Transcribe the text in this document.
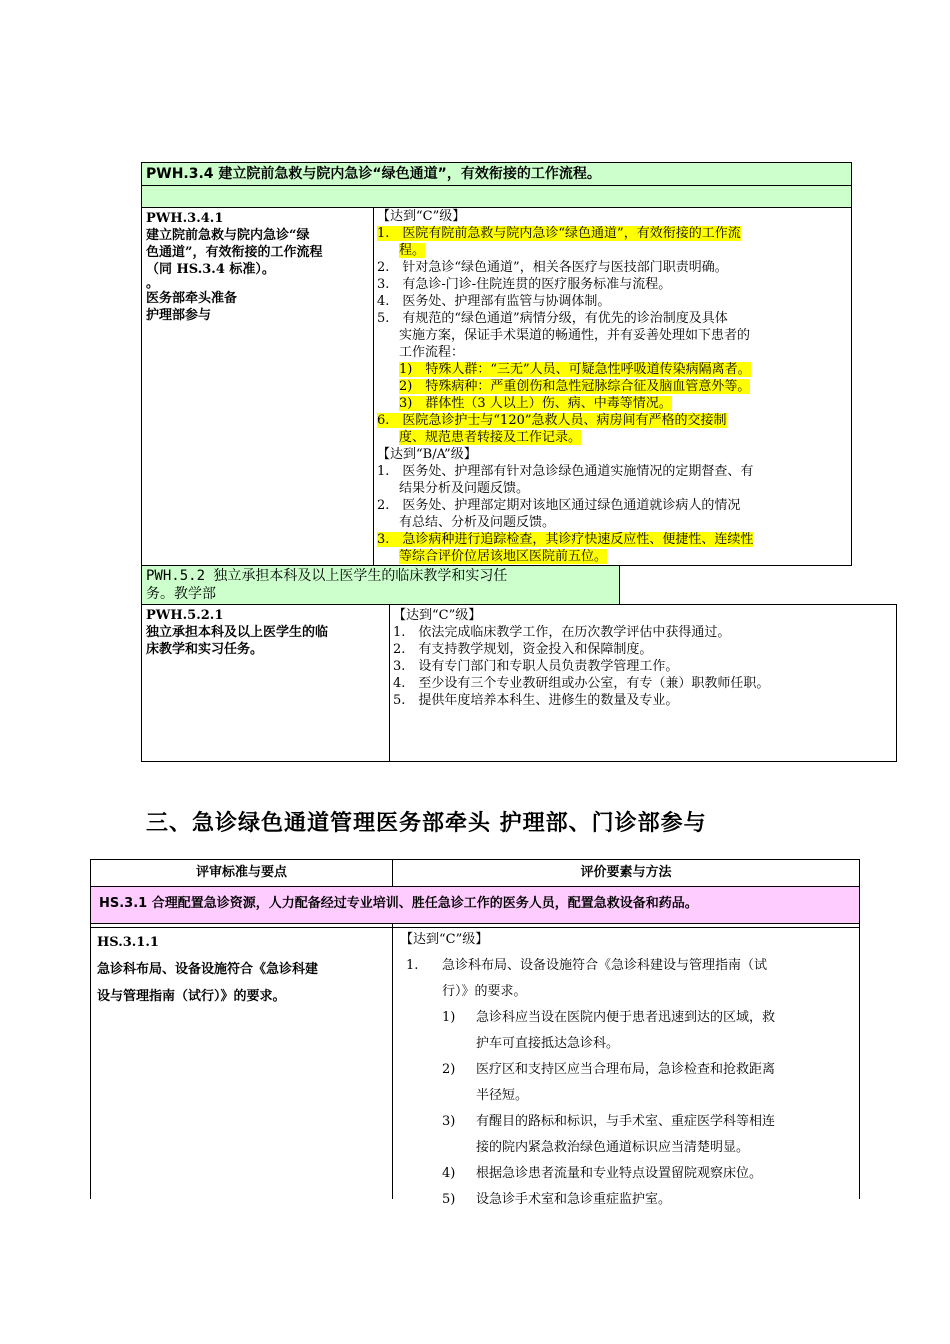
PWH.3.4 建立院前急救与院内急诊“绿色通道”，有效衔接的工作流程。
PWH.3.4.1
建立院前急救与院内急诊“绿
色通道”，有效衔接的工作流程
（同 HS.3.4 标准）。
。
医务部牵头准备
护理部参与
【达到“C”级】
1.　医院有院前急救与院内急诊“绿色通道”，有效衔接的工作流
程。
2.　针对急诊“绿色通道”，相关各医疗与医技部门职责明确。
3.　有急诊-门诊-住院连贯的医疗服务标准与流程。
4.　医务处、护理部有监管与协调体制。
5.　有规范的“绿色通道”病情分级，有优先的诊治制度及具体
实施方案，保证手术渠道的畅通性，并有妥善处理如下患者的
工作流程：
1)　特殊人群：“三无”人员、可疑急性呼吸道传染病隔离者。
2)　特殊病种：严重创伤和急性冠脉综合征及脑血管意外等。
3)　群体性（3 人以上）伤、病、中毒等情况。
6.　医院急诊护士与“120”急救人员、病房间有严格的交接制
度、规范患者转接及工作记录。
【达到“B/A”级】
1.　医务处、护理部有针对急诊绿色通道实施情况的定期督查、有
结果分析及问题反馈。
2.　医务处、护理部定期对该地区通过绿色通道就诊病人的情况
有总结、分析及问题反馈。
3.　急诊病种进行追踪检查，其诊疗快速反应性、便捷性、连续性
等综合评价位居该地区医院前五位。
PWH.5.2 独立承担本科及以上医学生的临床教学和实习任
务。教学部
PWH.5.2.1
独立承担本科及以上医学生的临
床教学和实习任务。
【达到“C”级】
1.　依法完成临床教学工作，在历次教学评估中获得通过。
2.　有支持教学规划，资金投入和保障制度。
3.　设有专门部门和专职人员负责教学管理工作。
4.　至少设有三个专业教研组或办公室，有专（兼）职教师任职。
5.　提供年度培养本科生、进修生的数量及专业。
三、急诊绿色通道管理医务部牵头 护理部、门诊部参与
评审标准与要点	评价要素与方法
HS.3.1 合理配置急诊资源，人力配备经过专业培训、胜任急诊工作的医务人员，配置急救设备和药品。
HS.3.1.1
急诊科布局、设备设施符合《急诊科建
设与管理指南（试行）》的要求。
【达到“C”级】
1. 急诊科布局、设备设施符合《急诊科建设与管理指南（试
行）》的要求。
1) 急诊科应当设在医院内便于患者迅速到达的区域，救
护车可直接抵达急诊科。
2) 医疗区和支持区应当合理布局，急诊检查和抢救距离
半径短。
3) 有醒目的路标和标识，与手术室、重症医学科等相连
接的院内紧急救治绿色通道标识应当清楚明显。
4) 根据急诊患者流量和专业特点设置留院观察床位。
5) 设急诊手术室和急诊重症监护室。
